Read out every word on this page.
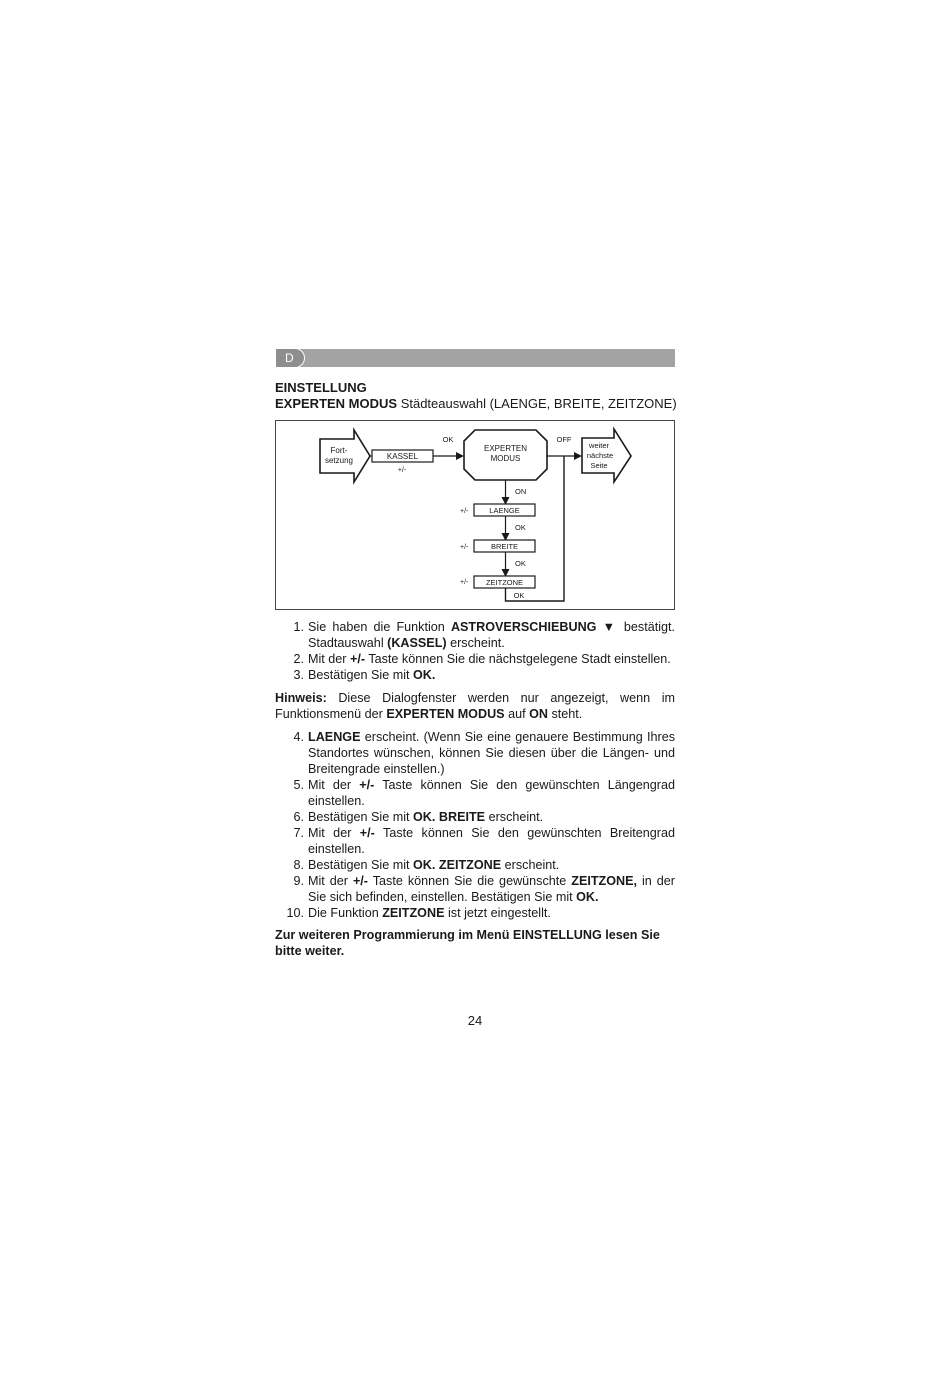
D
EINSTELLUNG
EXPERTEN MODUS Städteauswahl (LAENGE, BREITE, ZEITZONE)
Fort-
setzung	KASSEL
+/-
OK
EXPERTEN
MODUS
OFF
weiter
nächste
Seite
ON
LAENGE
+/-
OK
BREITE
+/-
OK
ZEITZONE
+/-
OK
1. Sie haben die Funktion ASTROVERSCHIEBUNG ▼ bestätigt. Stadtauswahl (KASSEL) erscheint.
2. Mit der +/- Taste können Sie die nächstgelegene Stadt einstellen.
3. Bestätigen Sie mit OK.
Hinweis: Diese Dialogfenster werden nur angezeigt, wenn im Funktionsmenü der EXPERTEN MODUS auf ON steht.
4. LAENGE erscheint. (Wenn Sie eine genauere Bestimmung Ihres Standortes wünschen, können Sie diesen über die Längen- und Breitengrade einstellen.)
5. Mit der +/- Taste können Sie den gewünschten Längengrad einstellen.
6. Bestätigen Sie mit OK. BREITE erscheint.
7. Mit der +/- Taste können Sie den gewünschten Breitengrad einstellen.
8. Bestätigen Sie mit OK. ZEITZONE erscheint.
9. Mit der +/- Taste können Sie die gewünschte ZEITZONE, in der Sie sich befinden, einstellen. Bestätigen Sie mit OK.
10. Die Funktion ZEITZONE ist jetzt eingestellt.
Zur weiteren Programmierung im Menü EINSTELLUNG lesen Sie bitte weiter.
24
